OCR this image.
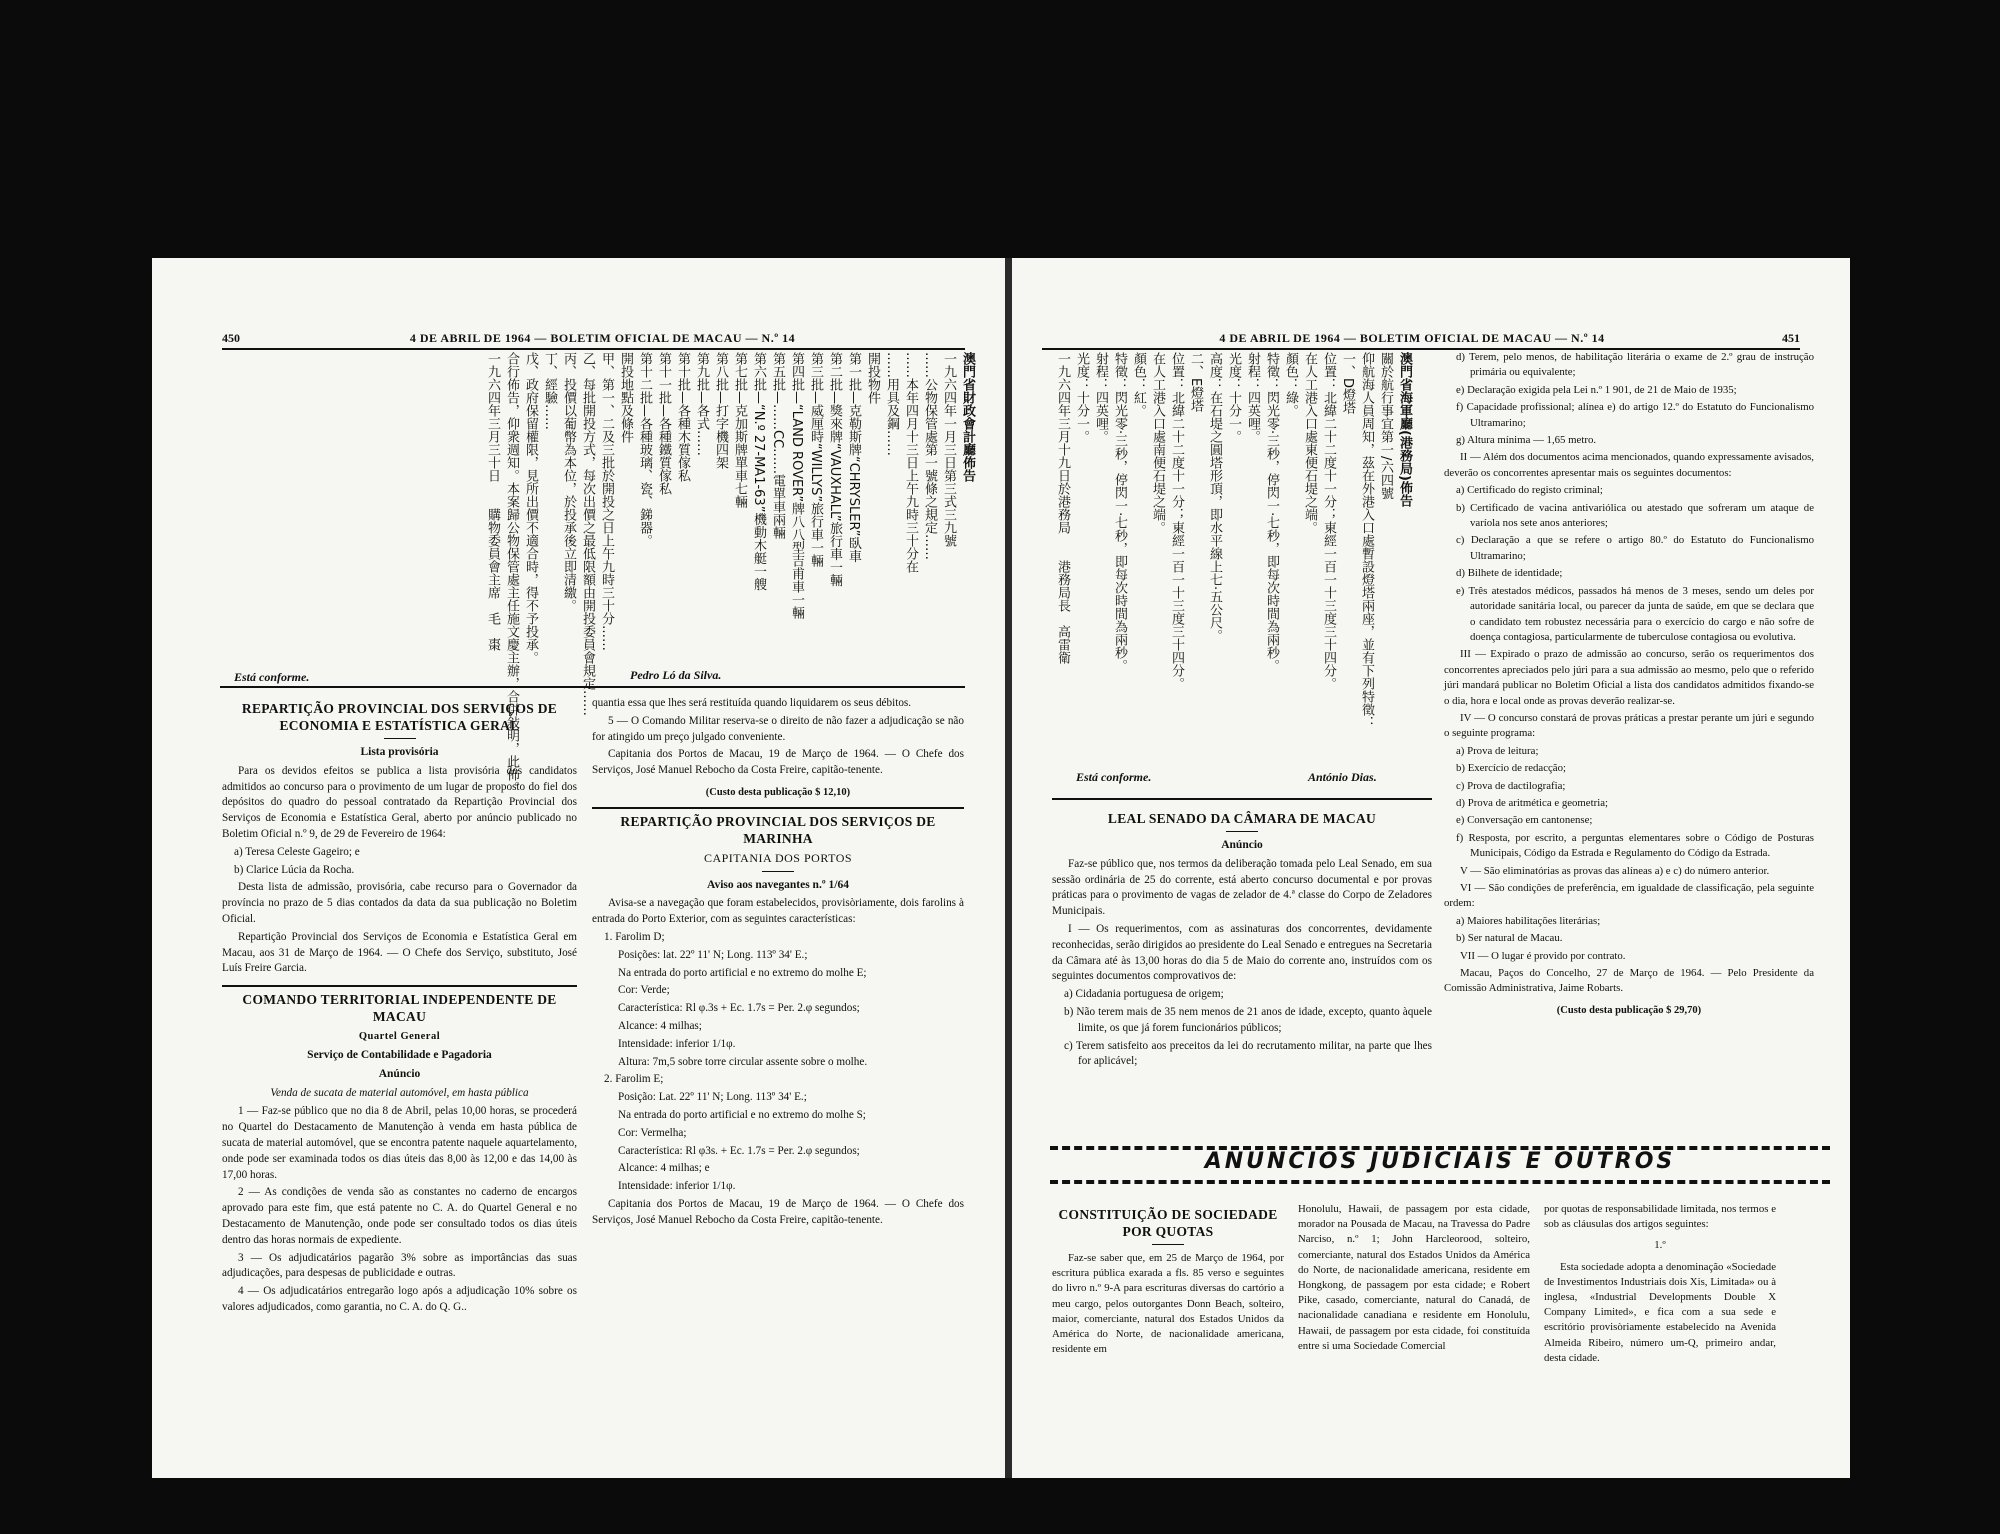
450	4 DE ABRIL DE 1964 — BOLETIM OFICIAL DE MACAU — N.º 14

澳門省財政會計廳佈告

一九六四年一月三日第三式三九號

……公物保管處第一號條之規定……

……本年四月十三日上午九時三十分在

……用具及鋼……

開投物件

第一批—克勒斯牌“CHRYSLER”臥車

第二批—獎來牌“VAUXHALL”旅行車一輛

第三批—威厘時“WILLYS”旅行車一輛

第四批—“LAND ROVER”牌八八型吉甫車一輛

第五批—……CC……電單車兩輛

第六批—“N.º 27-MA1-63”機動木艇一艘

第七批—克加斯牌單車七輛

第八批—打字機四架

第九批—各式……

第十批—各種木質傢私

第十一批—各種鐵質傢私

第十二批—各種玻璃、瓷、銻器。

開投地點及條件

甲、第一、二及三批於開投之日上午九時三十分……

乙、每批開投方式，每次出價之最低限額由開投委員會規定……

丙、投價以葡幣為本位，於投承後立即清繳。

丁、經驗……

戊、政府保留權限，見所出價不適合時，得不予投承。

合行佈告，仰衆週知。本案歸公物保管處主任施文慶主辦，合併敍明，此佈。

一九六四年三月三十日　　購物委員會主席　毛　棗

Pedro Ló da Silva.
Está conforme.
REPARTIÇÃO PROVINCIAL DOS SERVIÇOS DE ECONOMIA E ESTATÍSTICA GERAL
Lista provisória

Para os devidos efeitos se publica a lista provisória dos candidatos admitidos ao concurso para o provimento de um lugar de proposto do fiel dos depósitos do quadro do pessoal contratado da Repartição Provincial dos Serviços de Economia e Estatística Geral, aberto por anúncio publicado no Boletim Oficial n.º 9, de 29 de Fevereiro de 1964:

a) Teresa Celeste Gageiro; e

b) Clarice Lúcia da Rocha.

Desta lista de admissão, provisória, cabe recurso para o Governador da província no prazo de 5 dias contados da data da sua publicação no Boletim Oficial.

Repartição Provincial dos Serviços de Economia e Estatística Geral em Macau, aos 31 de Março de 1964. — O Chefe dos Serviço, substituto, José Luís Freire Garcia.

COMANDO TERRITORIAL INDEPENDENTE DE MACAU
Quartel General
Serviço de Contabilidade e Pagadoria
Anúncio
Venda de sucata de material automóvel, em hasta pública

1 — Faz-se público que no dia 8 de Abril, pelas 10,00 horas, se procederá no Quartel do Destacamento de Manutenção à venda em hasta pública de sucata de material automóvel, que se encontra patente naquele aquartelamento, onde pode ser examinada todos os dias úteis das 8,00 às 12,00 e das 14,00 às 17,00 horas.

2 — As condições de venda são as constantes no caderno de encargos aprovado para este fim, que está patente no C. A. do Quartel General e no Destacamento de Manutenção, onde pode ser consultado todos os dias úteis dentro das horas normais de expediente.

3 — Os adjudicatários pagarão 3% sobre as importâncias das suas adjudicações, para despesas de publicidade e outras.

4 — Os adjudicatários entregarão logo após a adjudicação 10% sobre os valores adjudicados, como garantia, no C. A. do Q. G..

quantia essa que lhes será restituída quando liquidarem os seus débitos.

5 — O Comando Militar reserva-se o direito de não fazer a adjudicação se não for atingido um preço julgado conveniente.

Capitania dos Portos de Macau, 19 de Março de 1964. — O Chefe dos Serviços, José Manuel Rebocho da Costa Freire, capitão-tenente.

(Custo desta publicação $ 12,10)
REPARTIÇÃO PROVINCIAL DOS SERVIÇOS DE MARINHA
CAPITANIA DOS PORTOS
Aviso aos navegantes n.º 1/64

Avisa-se a navegação que foram estabelecidos, provisòriamente, dois farolins à entrada do Porto Exterior, com as seguintes características:

1. Farolim D;

Posições: lat. 22º 11' N; Long. 113º 34' E.;

Na entrada do porto artificial e no extremo do molhe E;

Cor: Verde;

Característica: Rl φ.3s + Ec. 1.7s = Per. 2.φ segundos;

Alcance: 4 milhas;

Intensidade: inferior 1/1φ.

Altura: 7m,5 sobre torre circular assente sobre o molhe.

2. Farolim E;

Posição: Lat. 22º 11' N; Long. 113º 34' E.;

Na entrada do porto artificial e no extremo do molhe S;

Cor: Vermelha;

Característica: Rl φ3s. + Ec. 1.7s = Per. 2.φ segundos;

Alcance: 4 milhas; e

Intensidade: inferior 1/1φ.

Capitania dos Portos de Macau, 19 de Março de 1964. — O Chefe dos Serviços, José Manuel Rebocho da Costa Freire, capitão-tenente.

4 DE ABRIL DE 1964 — BOLETIM OFICIAL DE MACAU — N.º 14	451

澳門省海軍廳(港務局)佈告

關於航行事宜第一/六四號

仰航海人員周知，茲在外港入口處暫設燈塔兩座，並有下列特徵：

一、D燈塔

位置：北緯二十二度十一分；東經一百一十三度三十四分。

在人工港入口處東便石堤之端。

顏色：綠。

特徵：閃光零·三秒，停閃一·七秒，即每次時間為兩秒。

射程：四英哩。

光度：十分一。

高度：在石堤之圓塔形頂，即水平線上七·五公尺。

二、E燈塔

位置：北緯二十二度十一分；東經一百一十三度三十四分。

在人工港入口處南便石堤之端。

顏色：紅。

特徵：閃光零·三秒，停閃一·七秒，即每次時間為兩秒。

射程：四英哩。

光度：十分一。

一九六四年三月十九日於港務局　　港務局長　高雷衛

Está conforme.	António Dias.
LEAL SENADO DA CÂMARA DE MACAU
Anúncio

Faz-se público que, nos termos da deliberação tomada pelo Leal Senado, em sua sessão ordinária de 25 do corrente, está aberto concurso documental e por provas práticas para o provimento de vagas de zelador de 4.ª classe do Corpo de Zeladores Municipais.

I — Os requerimentos, com as assinaturas dos concorrentes, devidamente reconhecidas, serão dirigidos ao presidente do Leal Senado e entregues na Secretaria da Câmara até às 13,00 horas do dia 5 de Maio do corrente ano, instruídos com os seguintes documentos comprovativos de:

a) Cidadania portuguesa de origem;

b) Não terem mais de 35 nem menos de 21 anos de idade, excepto, quanto àquele limite, os que já forem funcionários públicos;

c) Terem satisfeito aos preceitos da lei do recrutamento militar, na parte que lhes for aplicável;

d) Terem, pelo menos, de habilitação literária o exame de 2.º grau de instrução primária ou equivalente;

e) Declaração exigida pela Lei n.º 1 901, de 21 de Maio de 1935;

f) Capacidade profissional; alínea e) do artigo 12.º do Estatuto do Funcionalismo Ultramarino;

g) Altura mínima — 1,65 metro.

II — Além dos documentos acima mencionados, quando expressamente avisados, deverão os concorrentes apresentar mais os seguintes documentos:

a) Certificado do registo criminal;

b) Certificado de vacina antivariólica ou atestado que sofreram um ataque de varíola nos sete anos anteriores;

c) Declaração a que se refere o artigo 80.º do Estatuto do Funcionalismo Ultramarino;

d) Bilhete de identidade;

e) Três atestados médicos, passados há menos de 3 meses, sendo um deles por autoridade sanitária local, ou parecer da junta de saúde, em que se declara que o candidato tem robustez necessária para o exercício do cargo e não sofre de doença contagiosa, particularmente de tuberculose contagiosa ou evolutiva.

III — Expirado o prazo de admissão ao concurso, serão os requerimentos dos concorrentes apreciados pelo júri para a sua admissão ao mesmo, pelo que o referido júri mandará publicar no Boletim Oficial a lista dos candidatos admitidos fixando-se o dia, hora e local onde as provas deverão realizar-se.

IV — O concurso constará de provas práticas a prestar perante um júri e segundo o seguinte programa:

a) Prova de leitura;

b) Exercício de redacção;

c) Prova de dactilografia;

d) Prova de aritmética e geometria;

e) Conversação em cantonense;

f) Resposta, por escrito, a perguntas elementares sobre o Código de Posturas Municipais, Código da Estrada e Regulamento do Código da Estrada.

V — São eliminatórias as provas das alíneas a) e c) do número anterior.

VI — São condições de preferência, em igualdade de classificação, pela seguinte ordem:

a) Maiores habilitações literárias;

b) Ser natural de Macau.

VII — O lugar é provido por contrato.

Macau, Paços do Concelho, 27 de Março de 1964. — Pelo Presidente da Comissão Administrativa, Jaime Robarts.

(Custo desta publicação $ 29,70)
ANÚNCIOS JUDICIAIS E OUTROS
CONSTITUIÇÃO DE SOCIEDADE POR QUOTAS

Faz-se saber que, em 25 de Março de 1964, por escritura pública exarada a fls. 85 verso e seguintes do livro n.º 9-A para escrituras diversas do cartório a meu cargo, pelos outorgantes Donn Beach, solteiro, maior, comerciante, natural dos Estados Unidos da América do Norte, de nacionalidade americana, residente em

Honolulu, Hawaii, de passagem por esta cidade, morador na Pousada de Macau, na Travessa do Padre Narciso, n.º 1; John Harcleorood, solteiro, comerciante, natural dos Estados Unidos da América do Norte, de nacionalidade americana, residente em Hongkong, de passagem por esta cidade; e Robert Pike, casado, comerciante, natural do Canadá, de nacionalidade canadiana e residente em Honolulu, Hawaii, de passagem por esta cidade, foi constituída entre si uma Sociedade Comercial

por quotas de responsabilidade limitada, nos termos e sob as cláusulas dos artigos seguintes:

1.º

Esta sociedade adopta a denominação «Sociedade de Investimentos Industriais dois Xis, Limitada» ou à inglesa, «Industrial Developments Double X Company Limited», e fica com a sua sede e escritório provisòriamente estabelecido na Avenida Almeida Ribeiro, número um-Q, primeiro andar, desta cidade.
